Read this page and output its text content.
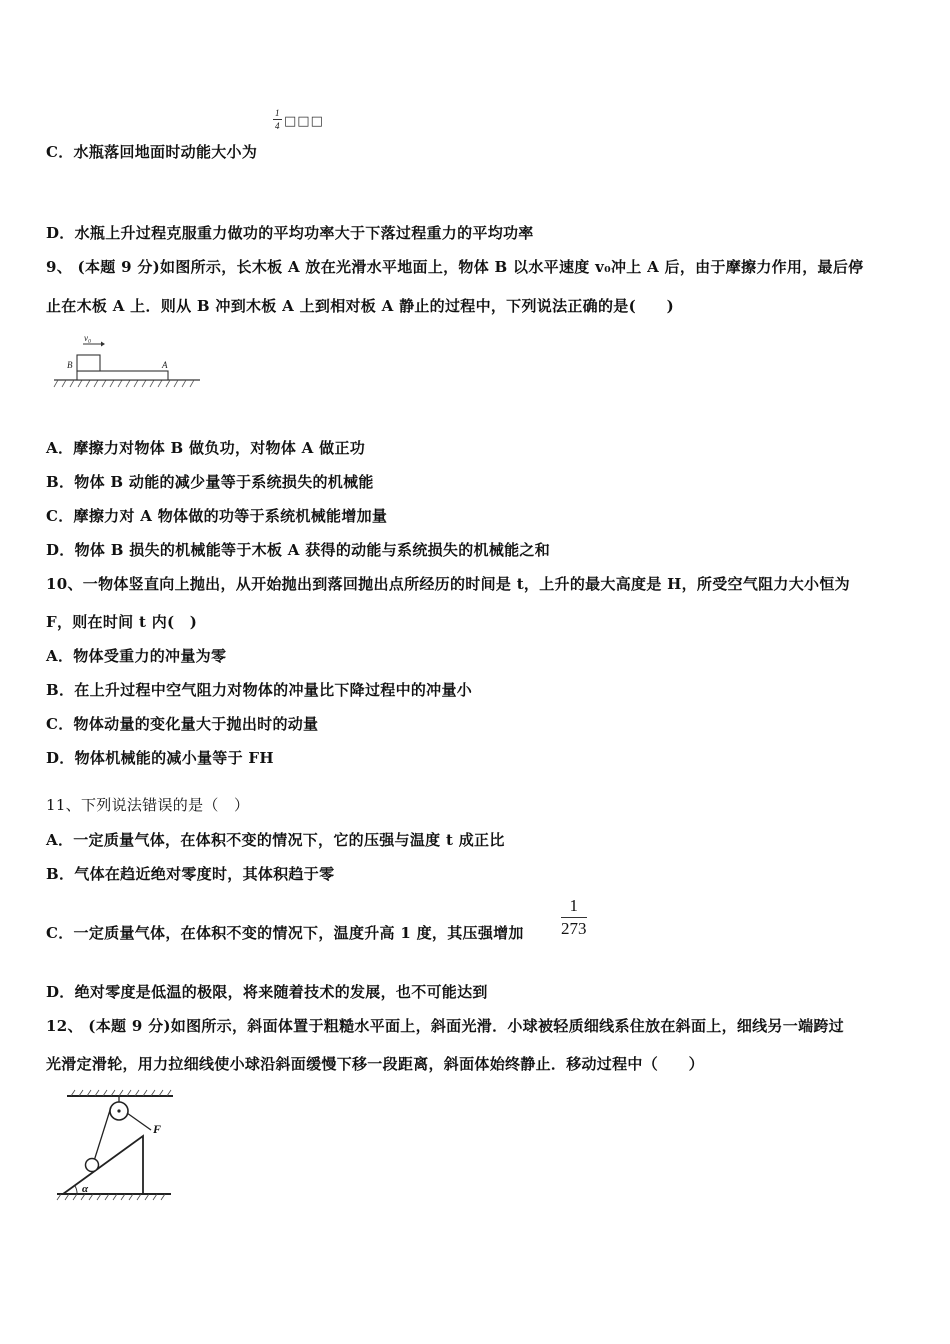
$\frac{1}{4}$ □□□
C．水瓶落回地面时动能大小为
D．水瓶上升过程克服重力做功的平均功率大于下落过程重力的平均功率
9、 (本题 9 分)如图所示，长木板 A 放在光滑水平地面上，物体 B 以水平速度 v₀冲上 A 后，由于摩擦力作用，最后停
止在木板 A 上．则从 B 冲到木板 A 上到相对板 A 静止的过程中，下列说法正确的是(　　)
v₀
B	A
A．摩擦力对物体 B 做负功，对物体 A 做正功
B．物体 B 动能的减少量等于系统损失的机械能
C．摩擦力对 A 物体做的功等于系统机械能增加量
D．物体 B 损失的机械能等于木板 A 获得的动能与系统损失的机械能之和
10、一物体竖直向上抛出，从开始抛出到落回抛出点所经历的时间是 t，上升的最大高度是 H，所受空气阻力大小恒为
F，则在时间 t 内(　)
A．物体受重力的冲量为零
B．在上升过程中空气阻力对物体的冲量比下降过程中的冲量小
C．物体动量的变化量大于抛出时的动量
D．物体机械能的减小量等于 FH
11、下列说法错误的是（　）
A．一定质量气体，在体积不变的情况下，它的压强与温度 t 成正比
B．气体在趋近绝对零度时，其体积趋于零
C．一定质量气体，在体积不变的情况下，温度升高 1 度，其压强增加 $\frac{1}{273}$
D．绝对零度是低温的极限，将来随着技术的发展，也不可能达到
12、 (本题 9 分)如图所示，斜面体置于粗糙水平面上，斜面光滑．小球被轻质细线系住放在斜面上，细线另一端跨过
光滑定滑轮，用力拉细线使小球沿斜面缓慢下移一段距离，斜面体始终静止．移动过程中（　　）
F
α
